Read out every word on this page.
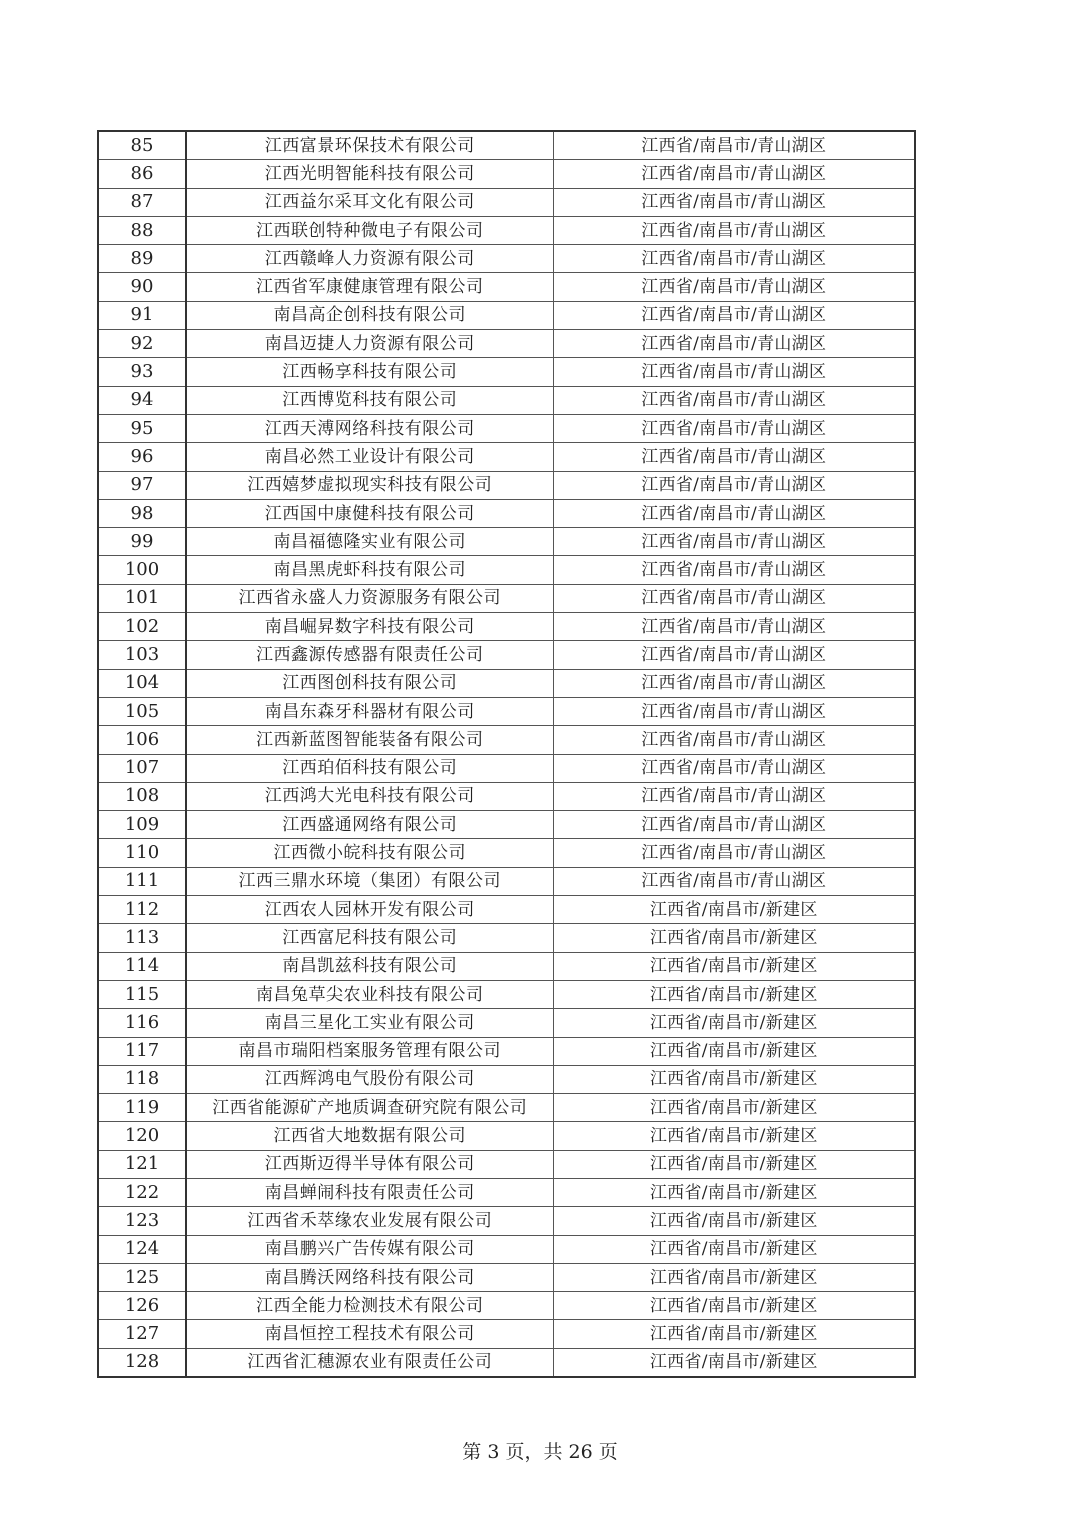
85	江西富景环保技术有限公司	江西省/南昌市/青山湖区
86	江西光明智能科技有限公司	江西省/南昌市/青山湖区
87	江西益尔采耳文化有限公司	江西省/南昌市/青山湖区
88	江西联创特种微电子有限公司	江西省/南昌市/青山湖区
89	江西赣峰人力资源有限公司	江西省/南昌市/青山湖区
90	江西省军康健康管理有限公司	江西省/南昌市/青山湖区
91	南昌高企创科技有限公司	江西省/南昌市/青山湖区
92	南昌迈捷人力资源有限公司	江西省/南昌市/青山湖区
93	江西畅享科技有限公司	江西省/南昌市/青山湖区
94	江西博览科技有限公司	江西省/南昌市/青山湖区
95	江西天溥网络科技有限公司	江西省/南昌市/青山湖区
96	南昌必然工业设计有限公司	江西省/南昌市/青山湖区
97	江西嬉梦虚拟现实科技有限公司	江西省/南昌市/青山湖区
98	江西国中康健科技有限公司	江西省/南昌市/青山湖区
99	南昌福德隆实业有限公司	江西省/南昌市/青山湖区
100	南昌黑虎虾科技有限公司	江西省/南昌市/青山湖区
101	江西省永盛人力资源服务有限公司	江西省/南昌市/青山湖区
102	南昌崛昇数字科技有限公司	江西省/南昌市/青山湖区
103	江西鑫源传感器有限责任公司	江西省/南昌市/青山湖区
104	江西图创科技有限公司	江西省/南昌市/青山湖区
105	南昌东森牙科器材有限公司	江西省/南昌市/青山湖区
106	江西新蓝图智能装备有限公司	江西省/南昌市/青山湖区
107	江西珀佰科技有限公司	江西省/南昌市/青山湖区
108	江西鸿大光电科技有限公司	江西省/南昌市/青山湖区
109	江西盛通网络有限公司	江西省/南昌市/青山湖区
110	江西微小皖科技有限公司	江西省/南昌市/青山湖区
111	江西三鼎水环境（集团）有限公司	江西省/南昌市/青山湖区
112	江西农人园林开发有限公司	江西省/南昌市/新建区
113	江西富尼科技有限公司	江西省/南昌市/新建区
114	南昌凯兹科技有限公司	江西省/南昌市/新建区
115	南昌兔草尖农业科技有限公司	江西省/南昌市/新建区
116	南昌三星化工实业有限公司	江西省/南昌市/新建区
117	南昌市瑞阳档案服务管理有限公司	江西省/南昌市/新建区
118	江西辉鸿电气股份有限公司	江西省/南昌市/新建区
119	江西省能源矿产地质调查研究院有限公司	江西省/南昌市/新建区
120	江西省大地数据有限公司	江西省/南昌市/新建区
121	江西斯迈得半导体有限公司	江西省/南昌市/新建区
122	南昌蝉闹科技有限责任公司	江西省/南昌市/新建区
123	江西省禾萃缘农业发展有限公司	江西省/南昌市/新建区
124	南昌鹏兴广告传媒有限公司	江西省/南昌市/新建区
125	南昌腾沃网络科技有限公司	江西省/南昌市/新建区
126	江西全能力检测技术有限公司	江西省/南昌市/新建区
127	南昌恒控工程技术有限公司	江西省/南昌市/新建区
128	江西省汇穗源农业有限责任公司	江西省/南昌市/新建区
第 3 页，共 26 页
